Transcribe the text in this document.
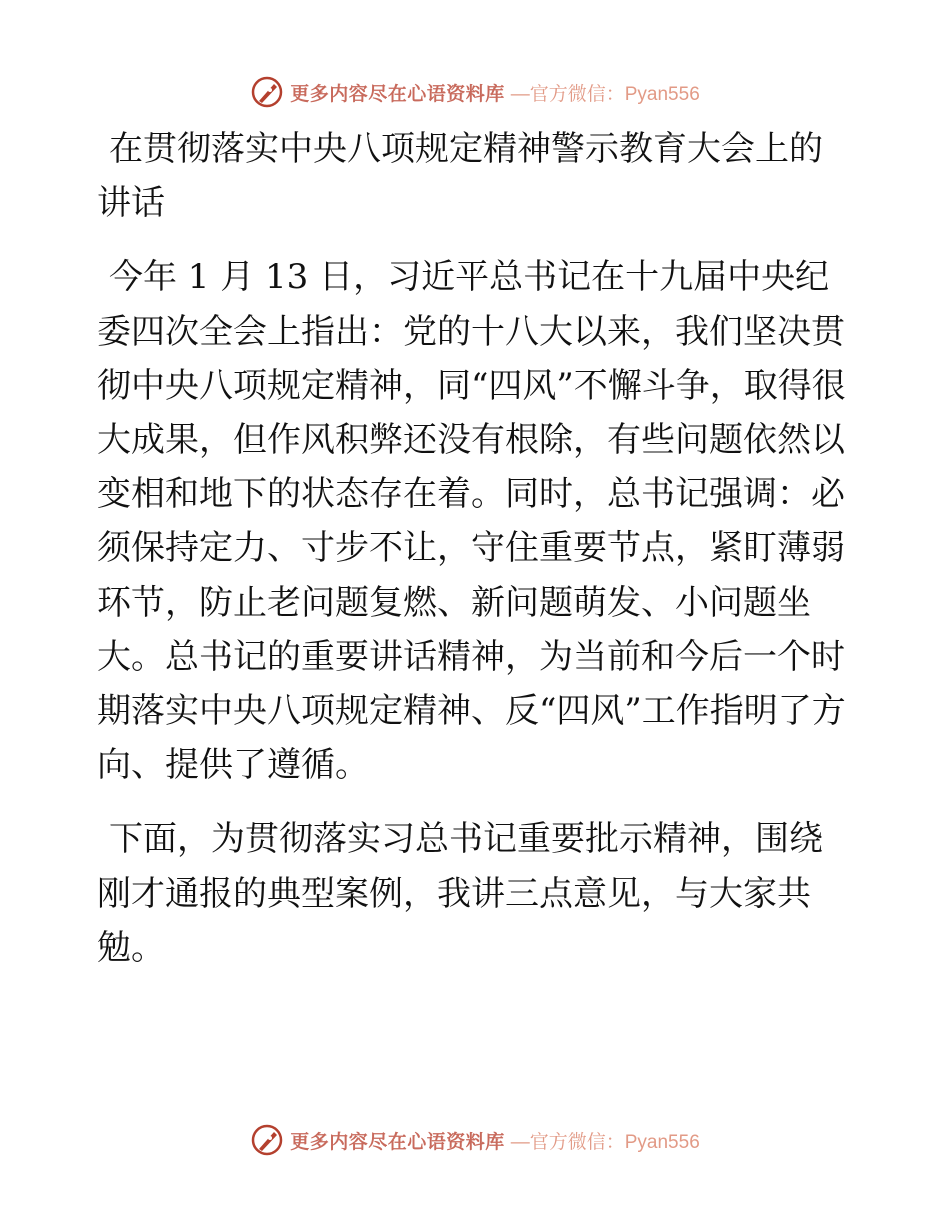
更多内容尽在心语资料库 —官方微信：Pyan556

在贯彻落实中央八项规定精神警示教育大会上的讲话

今年 1 月 13 日，习近平总书记在十九届中央纪委四次全会上指出：党的十八大以来，我们坚决贯彻中央八项规定精神，同“四风”不懈斗争，取得很大成果，但作风积弊还没有根除，有些问题依然以变相和地下的状态存在着。同时，总书记强调：必须保持定力、寸步不让，守住重要节点，紧盯薄弱环节，防止老问题复燃、新问题萌发、小问题坐大。总书记的重要讲话精神，为当前和今后一个时期落实中央八项规定精神、反“四风”工作指明了方向、提供了遵循。

下面，为贯彻落实习总书记重要批示精神，围绕刚才通报的典型案例，我讲三点意见，与大家共勉。

更多内容尽在心语资料库 —官方微信：Pyan556
